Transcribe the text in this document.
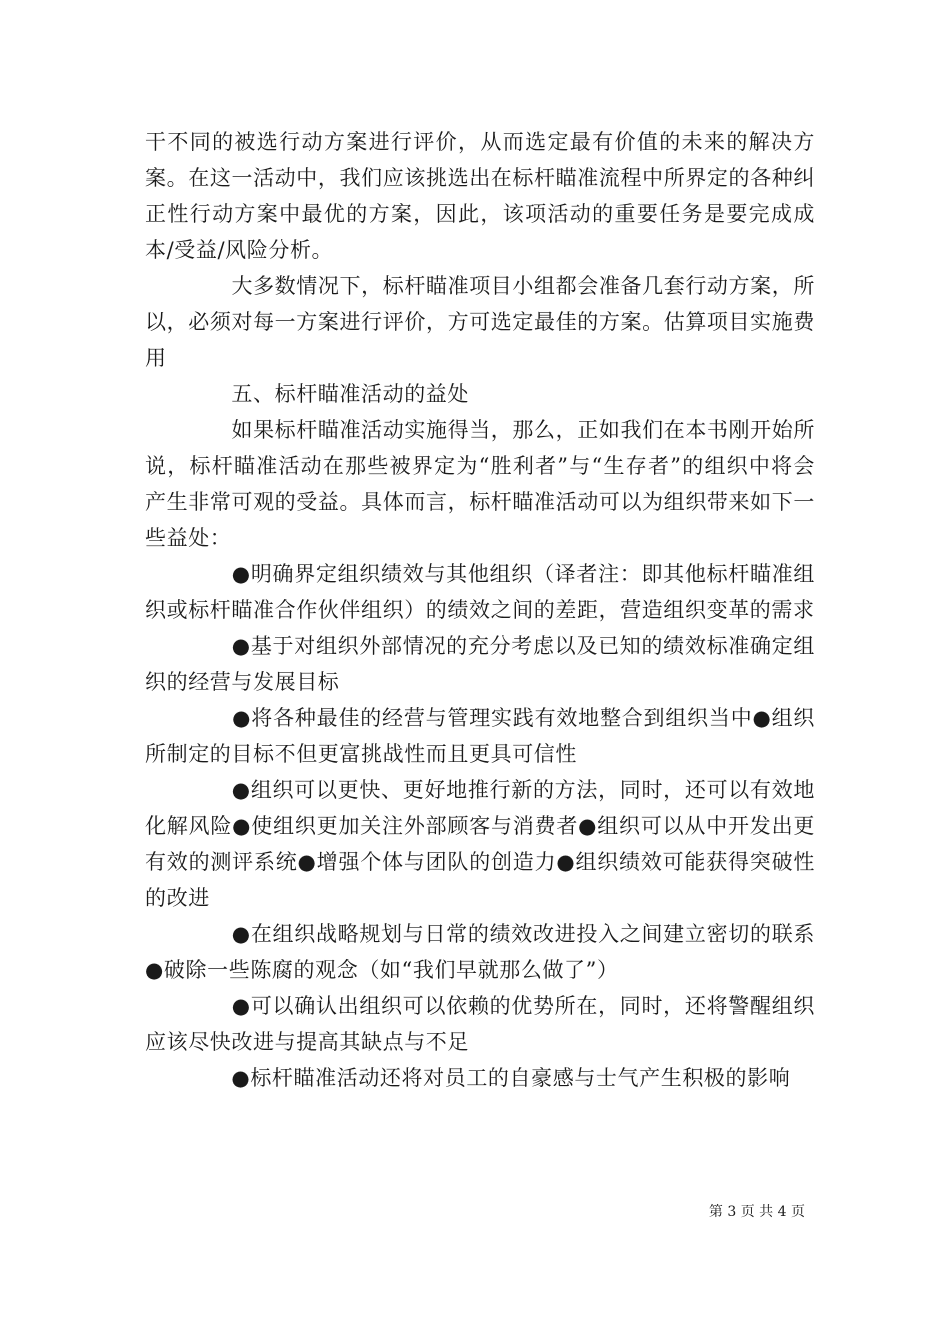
干不同的被选行动方案进行评价，从而选定最有价值的未来的解决方案。在这一活动中，我们应该挑选出在标杆瞄准流程中所界定的各种纠正性行动方案中最优的方案，因此，该项活动的重要任务是要完成成本/受益/风险分析。

　　　　大多数情况下，标杆瞄准项目小组都会准备几套行动方案，所以，必须对每一方案进行评价，方可选定最佳的方案。估算项目实施费用

　　　　五、标杆瞄准活动的益处

　　　　如果标杆瞄准活动实施得当，那么，正如我们在本书刚开始所说，标杆瞄准活动在那些被界定为“胜利者”与“生存者”的组织中将会产生非常可观的受益。具体而言，标杆瞄准活动可以为组织带来如下一些益处：

　　　　●明确界定组织绩效与其他组织（译者注：即其他标杆瞄准组织或标杆瞄准合作伙伴组织）的绩效之间的差距，营造组织变革的需求

　　　　●基于对组织外部情况的充分考虑以及已知的绩效标准确定组织的经营与发展目标

　　　　●将各种最佳的经营与管理实践有效地整合到组织当中●组织所制定的目标不但更富挑战性而且更具可信性

　　　　●组织可以更快、更好地推行新的方法，同时，还可以有效地化解风险●使组织更加关注外部顾客与消费者●组织可以从中开发出更有效的测评系统●增强个体与团队的创造力●组织绩效可能获得突破性的改进

　　　　●在组织战略规划与日常的绩效改进投入之间建立密切的联系●破除一些陈腐的观念（如“我们早就那么做了”）

　　　　●可以确认出组织可以依赖的优势所在，同时，还将警醒组织应该尽快改进与提高其缺点与不足

　　　　●标杆瞄准活动还将对员工的自豪感与士气产生积极的影响

第 3 页 共 4 页
